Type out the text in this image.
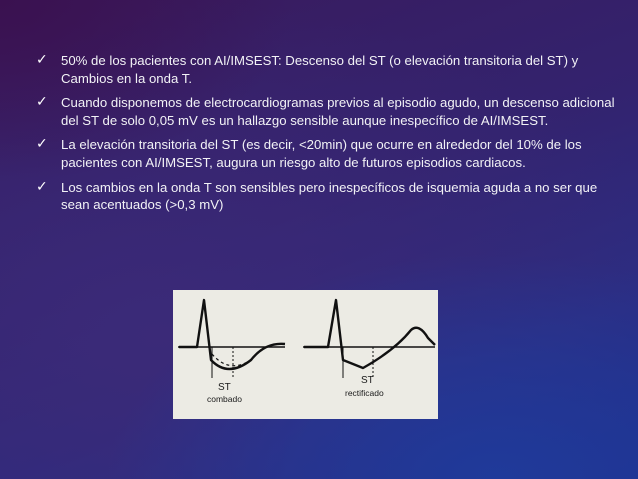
✓ 50% de los pacientes con AI/IMSEST: Descenso del ST (o elevación transitoria del ST) y Cambios en la onda T.
✓ Cuando disponemos de electrocardiogramas previos al episodio agudo, un descenso adicional del ST de solo 0,05 mV es un hallazgo sensible aunque inespecífico de AI/IMSEST.
✓ La elevación transitoria del ST (es decir, <20min) que ocurre en alrededor del 10% de los pacientes con AI/IMSEST, augura un riesgo alto de futuros episodios cardiacos.
✓ Los cambios en la onda T son sensibles pero inespecíficos de isquemia aguda a no ser que sean acentuados (>0,3 mV)
ST
combado
ST
rectificado
